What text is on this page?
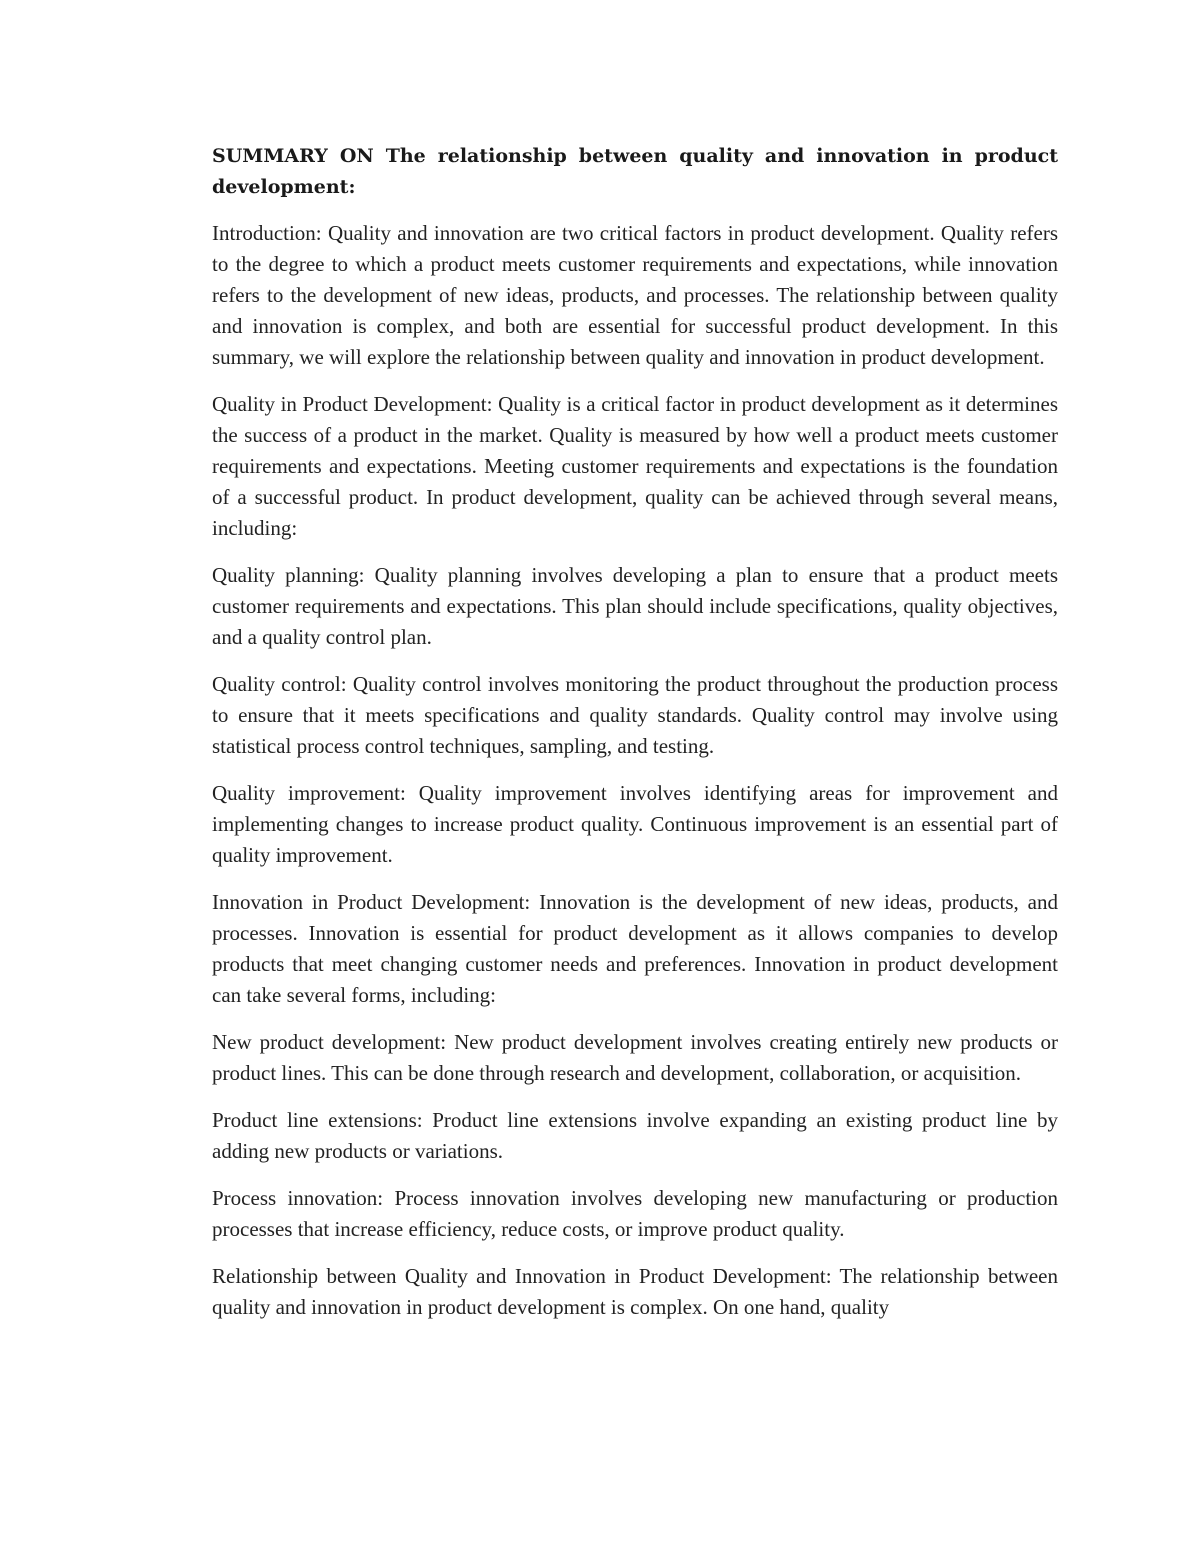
SUMMARY ON The relationship between quality and innovation in product development:

Introduction: Quality and innovation are two critical factors in product development. Quality refers to the degree to which a product meets customer requirements and expectations, while innovation refers to the development of new ideas, products, and processes. The relationship between quality and innovation is complex, and both are essential for successful product development. In this summary, we will explore the relationship between quality and innovation in product development.

Quality in Product Development: Quality is a critical factor in product development as it determines the success of a product in the market. Quality is measured by how well a product meets customer requirements and expectations. Meeting customer requirements and expectations is the foundation of a successful product. In product development, quality can be achieved through several means, including:

Quality planning: Quality planning involves developing a plan to ensure that a product meets customer requirements and expectations. This plan should include specifications, quality objectives, and a quality control plan.

Quality control: Quality control involves monitoring the product throughout the production process to ensure that it meets specifications and quality standards. Quality control may involve using statistical process control techniques, sampling, and testing.

Quality improvement: Quality improvement involves identifying areas for improvement and implementing changes to increase product quality. Continuous improvement is an essential part of quality improvement.

Innovation in Product Development: Innovation is the development of new ideas, products, and processes. Innovation is essential for product development as it allows companies to develop products that meet changing customer needs and preferences. Innovation in product development can take several forms, including:

New product development: New product development involves creating entirely new products or product lines. This can be done through research and development, collaboration, or acquisition.

Product line extensions: Product line extensions involve expanding an existing product line by adding new products or variations.

Process innovation: Process innovation involves developing new manufacturing or production processes that increase efficiency, reduce costs, or improve product quality.

Relationship between Quality and Innovation in Product Development: The relationship between quality and innovation in product development is complex. On one hand, quality
